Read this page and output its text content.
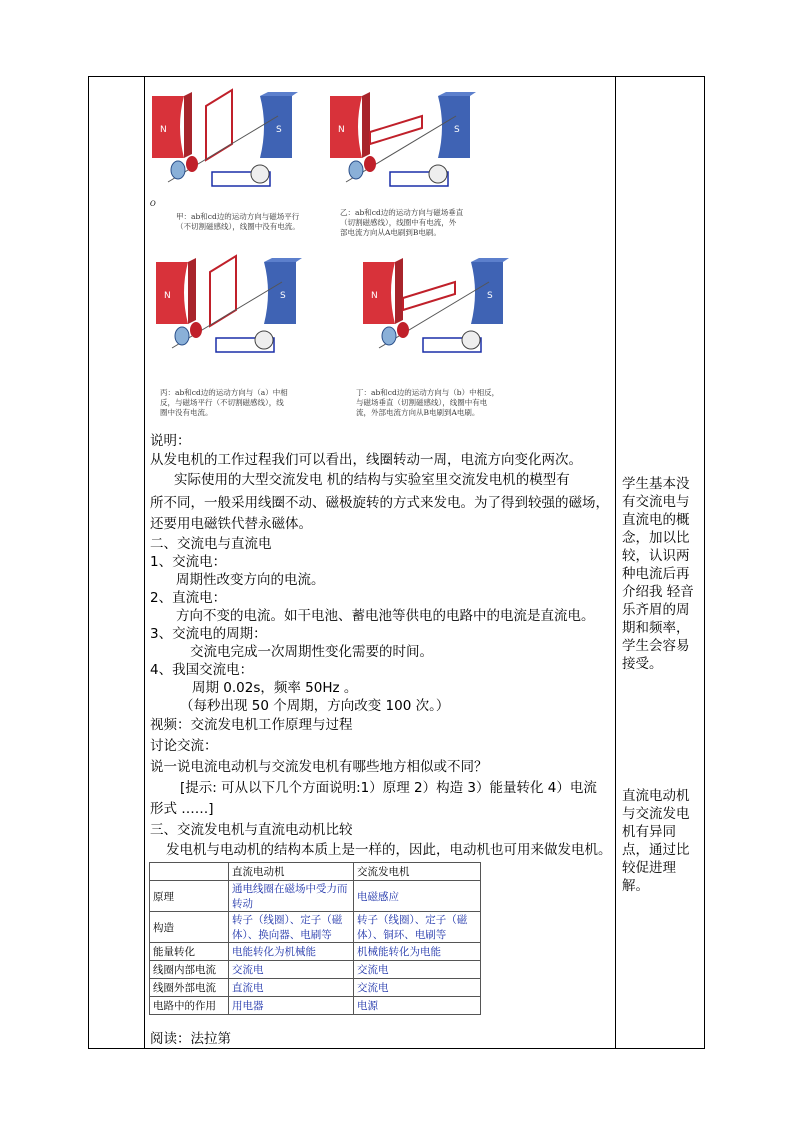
N	S
O
甲：ab和cd边的运动方向与磁场平行
（不切割磁感线），线圈中没有电流。
N	S
乙：ab和cd边的运动方向与磁场垂直
（切割磁感线），线圈中有电流，外
部电流方向从A电刷到B电刷。
N	S
丙：ab和cd边的运动方向与（a）中相
反，与磁场平行（不切割磁感线），线
圈中没有电流。
N	S
丁：ab和cd边的运动方向与（b）中相反，
与磁场垂直（切割磁感线），线圈中有电
流，外部电流方向从B电刷到A电刷。
说明：
从发电机的工作过程我们可以看出，线圈转动一周，电流方向变化两次。
实际使用的大型交流发电 机的结构与实验室里交流发电机的模型有
所不同，一般采用线圈不动、磁极旋转的方式来发电。为了得到较强的磁场，
还要用电磁铁代替永磁体。
二、交流电与直流电
1、交流电：
周期性改变方向的电流。
2、直流电：
方向不变的电流。如干电池、蓄电池等供电的电路中的电流是直流电。
3、交流电的周期：
交流电完成一次周期性变化需要的时间。
4、我国交流电：
周期 0.02s，频率 50Hz 。
（每秒出现 50 个周期，方向改变 100 次。）
视频：交流发电机工作原理与过程
讨论交流：
说一说电流电动机与交流发电机有哪些地方相似或不同？
[提示: 可从以下几个方面说明:1）原理 2）构造 3）能量转化 4）电流
形式 ……]
三、交流发电机与直流电动机比较
发电机与电动机的结构本质上是一样的，因此，电动机也可用来做发电机。
阅读：法拉第
学生基本没有交流电与直流电的概念，加以比较，认识两种电流后再介绍我 轻音乐齐眉的周期和频率，学生会容易接受。
直流电动机与交流发电机有异同点，通过比较促进理解。
	直流电动机	交流发电机
原理	通电线圈在磁场中受力而转动	电磁感应
构造	转子（线圈）、定子（磁体）、换向器、电刷等	转子（线圈）、定子（磁体）、铜环、电刷等
能量转化	电能转化为机械能	机械能转化为电能
线圈内部电流	交流电	交流电
线圈外部电流	直流电	交流电
电路中的作用	用电器	电源
